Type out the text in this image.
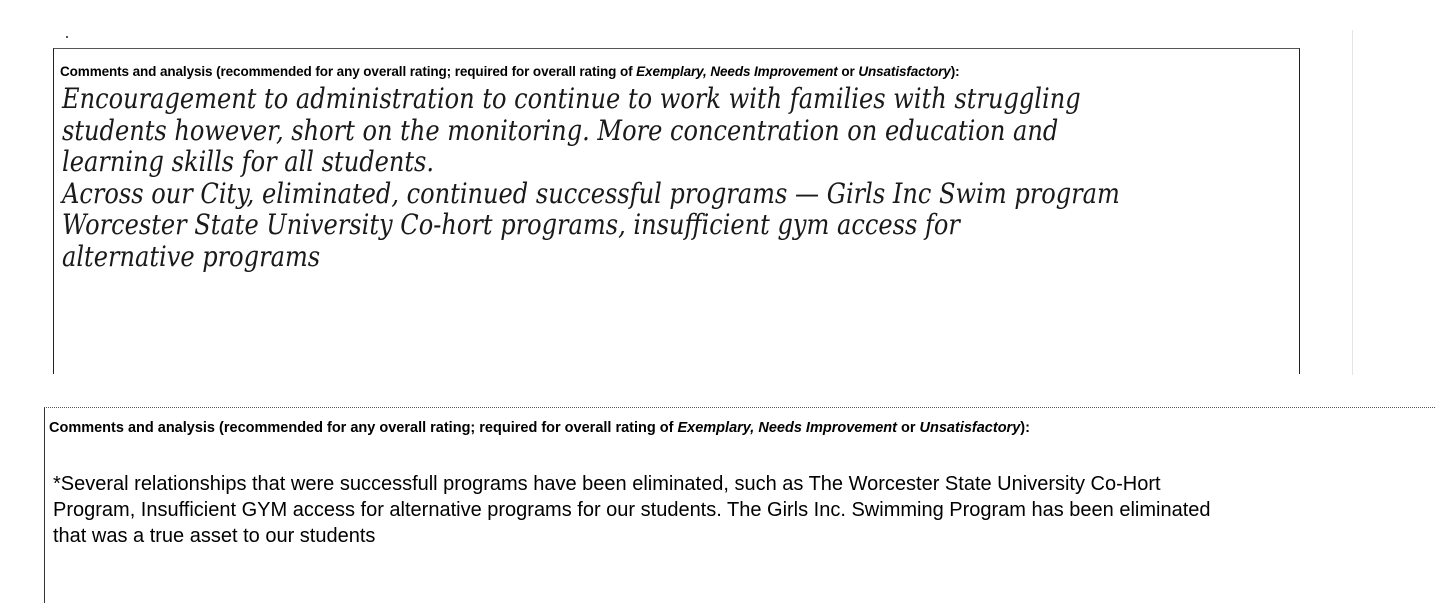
Comments and analysis (recommended for any overall rating; required for overall rating of Exemplary, Needs Improvement or Unsatisfactory):
Encouragement to administration to continue to work with families with struggling
students however, short on the monitoring. More concentration on education and
learning skills for all students.
Across our City, eliminated, continued successful programs — Girls Inc Swim program
Worcester State University Co-hort programs, insufficient gym access for
alternative programs
Comments and analysis (recommended for any overall rating; required for overall rating of Exemplary, Needs Improvement or Unsatisfactory):
*Several relationships that were successfull programs have been eliminated, such as The Worcester State University Co-Hort
Program, Insufficient GYM access for alternative programs for our students. The Girls Inc. Swimming Program has been eliminated
that was a true asset to our students
